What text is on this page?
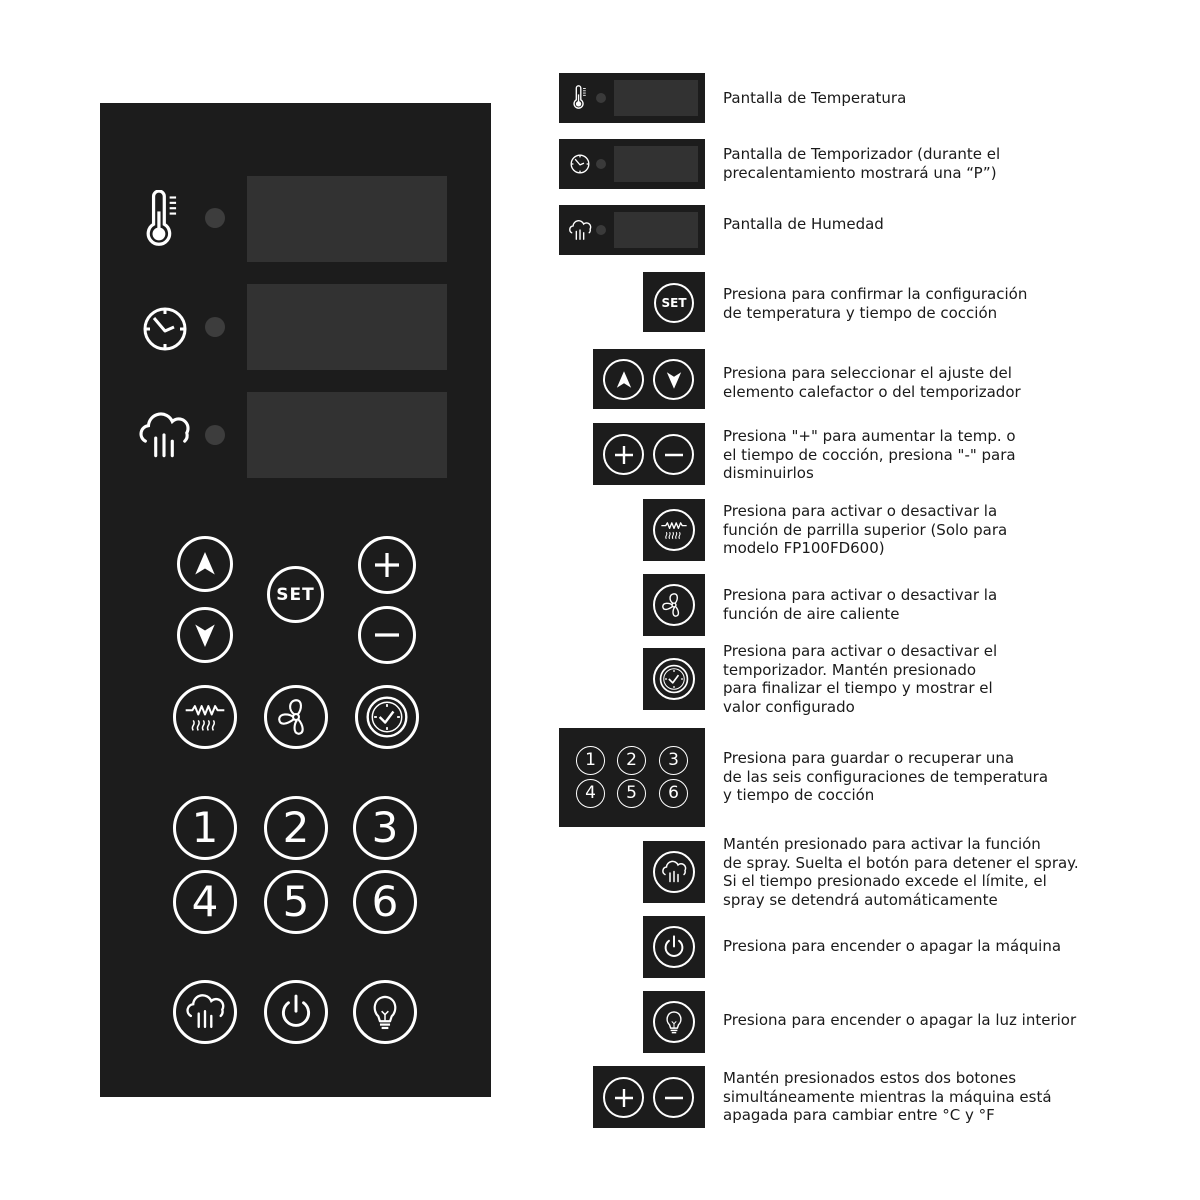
SET
1 2 3
4 5 6
Pantalla de Temperatura
Pantalla de Temporizador (durante el
precalentamiento mostrará una “P”)
Pantalla de Humedad
SET Presiona para confirmar la configuración
de temperatura y tiempo de cocción
Presiona para seleccionar el ajuste del
elemento calefactor o del temporizador
Presiona "+" para aumentar la temp. o
el tiempo de cocción, presiona "-" para
disminuirlos
Presiona para activar o desactivar la
función de parrilla superior (Solo para
modelo FP100FD600)
Presiona para activar o desactivar la
función de aire caliente
Presiona para activar o desactivar el
temporizador. Mantén presionado
para finalizar el tiempo y mostrar el
valor configurado
1	2	3
4	5	6
Presiona para guardar o recuperar una
de las seis configuraciones de temperatura
y tiempo de cocción
Mantén presionado para activar la función
de spray. Suelta el botón para detener el spray.
Si el tiempo presionado excede el límite, el
spray se detendrá automáticamente
Presiona para encender o apagar la máquina
Presiona para encender o apagar la luz interior
Mantén presionados estos dos botones
simultáneamente mientras la máquina está
apagada para cambiar entre °C y °F
